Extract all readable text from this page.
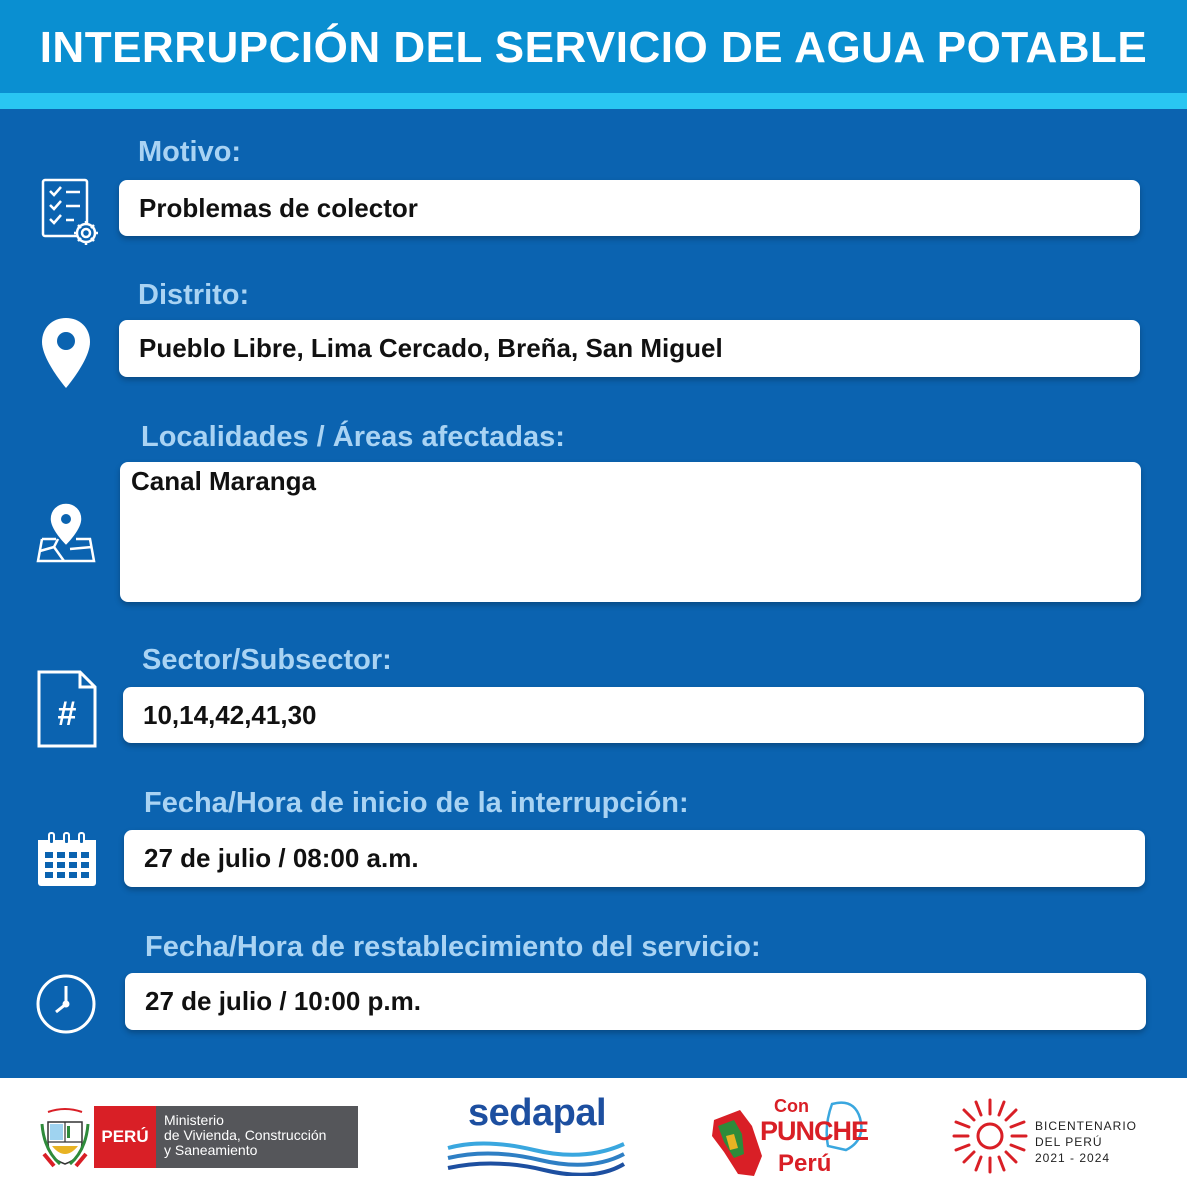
INTERRUPCIÓN DEL SERVICIO DE AGUA POTABLE
Motivo:
Problemas de colector
Distrito:
Pueblo Libre, Lima Cercado, Breña, San Miguel
Localidades / Áreas afectadas:
Canal Maranga
Sector/Subsector:
#	10,14,42,41,30
Fecha/Hora de inicio de la interrupción:
27 de julio / 08:00 a.m.
Fecha/Hora de restablecimiento del servicio:
27 de julio / 10:00 p.m.
PERÚ
Ministerio
de Vivienda, Construcción
y Saneamiento
sedapal	Con
PUNCHE
Perú
BICENTENARIO
DEL PERÚ
2021 - 2024
